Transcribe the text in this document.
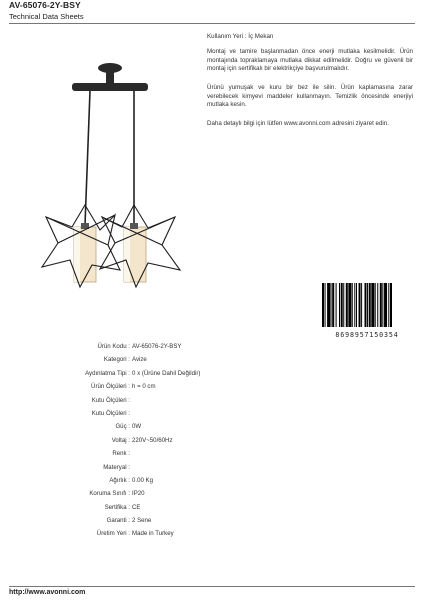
AV-65076-2Y-BSY
Technical Data Sheets
Kullanım Yeri : İç Mekan
Montaj ve tamire başlanmadan önce enerji mutlaka kesilmelidir. Ürün montajında topraklamaya mutlaka dikkat edilmelidir. Doğru ve güvenli bir montaj için sertifikalı bir elektrikçiye başvurulmalıdır.
Ürünü yumuşak ve kuru bir bez ile silin. Ürün kaplamasına zarar verebilecek kimyevi maddeler kullanmayın. Temizlik öncesinde enerjiyi mutlaka kesin.
Daha detaylı bilgi için lütfen www.avonni.com adresini ziyaret edin.
8698957150354
Ürün Kodu : AV-65076-2Y-BSY
Kategori : Avize
Aydınlatma Tipi : 0 x (Ürüne Dahil Değildir)
Ürün Ölçüleri : h = 0 cm
Kutu Ölçüleri :
Kutu Ölçüleri :
Güç : 0W
Voltaj : 220V~50/60Hz
Renk :
Materyal :
Ağırlık : 0.00 Kg
Koruma Sınıfı : IP20
Sertifika : CE
Garanti : 2 Sene
Üretim Yeri : Made in Turkey
http://www.avonni.com
